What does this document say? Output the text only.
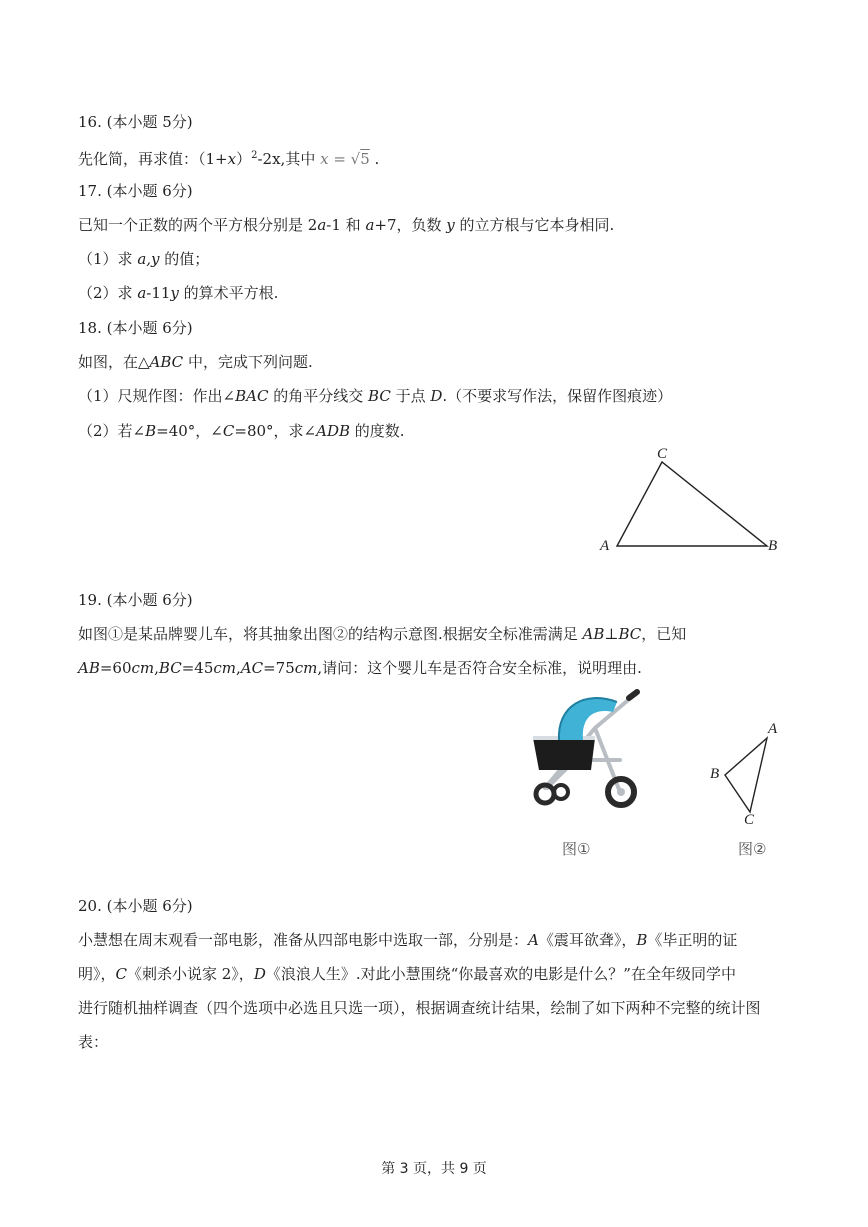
16. (本小题 5分)
先化简，再求值：$(1+x)^2-2x$,其中 x = √5 .
17. (本小题 6分)
已知一个正数的两个平方根分别是 2a-1 和 a+7，负数 y 的立方根与它本身相同.
（1）求 a,y 的值；
（2）求 a-11y 的算术平方根.
18. (本小题 6分)
如图，在△ABC 中，完成下列问题.
（1）尺规作图：作出∠BAC 的角平分线交 BC 于点 D.（不要求写作法，保留作图痕迹）
（2）若∠B=40°，∠C=80°，求∠ADB 的度数.
C
A	B
19. (本小题 6分)
如图①是某品牌婴儿车，将其抽象出图②的结构示意图.根据安全标准需满足 AB⊥BC，已知
AB=60cm,BC=45cm,AC=75cm,请问：这个婴儿车是否符合安全标准，说明理由.
图①
A
B
C
图②
20. (本小题 6分)
小慧想在周末观看一部电影，准备从四部电影中选取一部，分别是：A《震耳欲聋》，B《毕正明的证
明》，C《刺杀小说家 2》，D《浪浪人生》.对此小慧围绕“你最喜欢的电影是什么？”在全年级同学中
进行随机抽样调查（四个选项中必选且只选一项），根据调查统计结果，绘制了如下两种不完整的统计图
表：
第 3 页，共 9 页
